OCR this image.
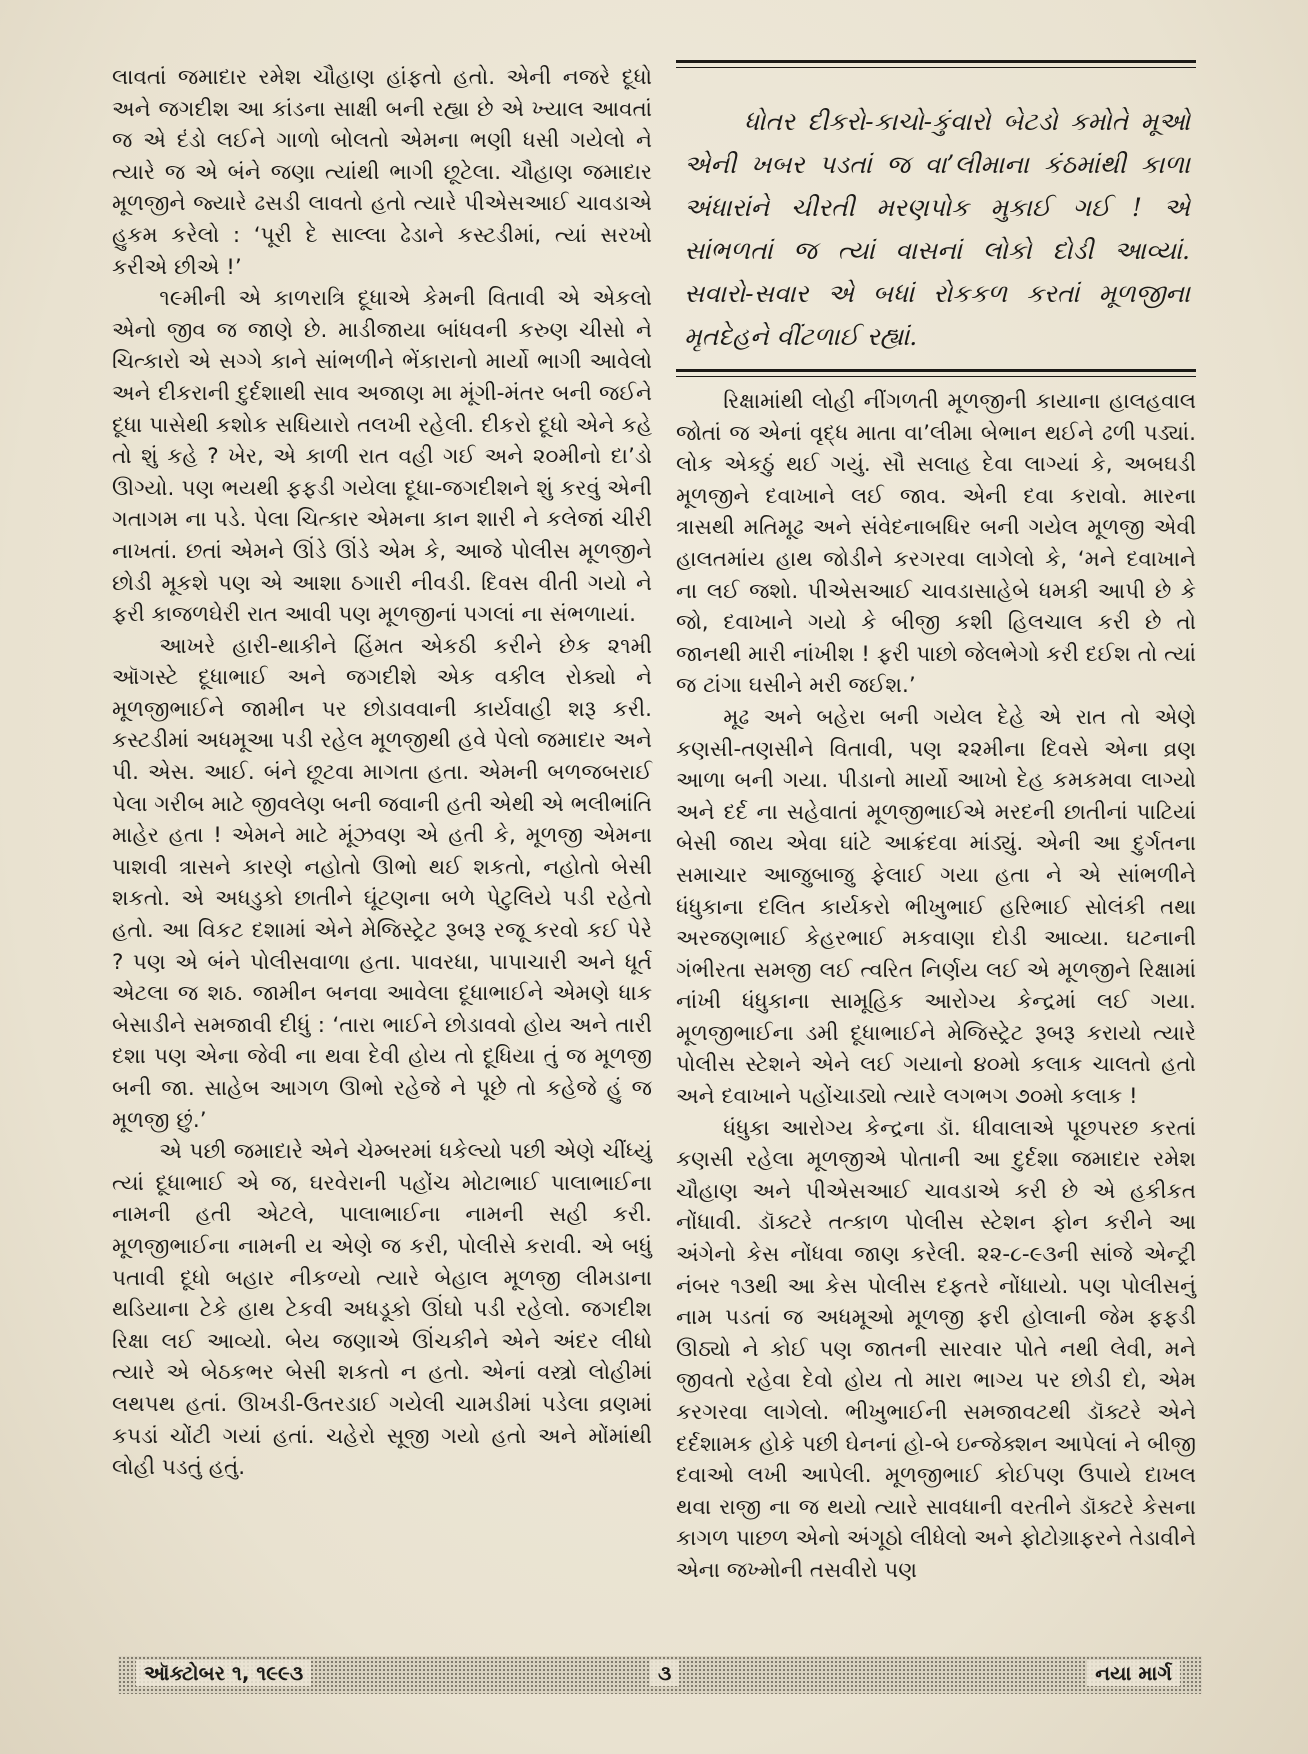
લાવતાં જમાદાર રમેશ ચૌહાણ હાંફતો હતો. એની નજરે દૂધો અને જગદીશ આ કાંડના સાક્ષી બની રહ્યા છે એ ખ્યાલ આવતાં જ એ દંડો લઈને ગાળો બોલતો એમના ભણી ધસી ગયેલો ને ત્યારે જ એ બંને જણા ત્યાંથી ભાગી છૂટેલા. ચૌહાણ જમાદાર મૂળજીને જ્યારે ઢસડી લાવતો હતો ત્યારે પીએસઆઈ ચાવડાએ હુકમ કરેલો : ‘પૂરી દે સાલ્લા ઢેડાને કસ્ટડીમાં, ત્યાં સરખો કરીએ છીએ !’

૧૯મીની એ કાળરાત્રિ દૂધાએ કેમની વિતાવી એ એકલો એનો જીવ જ જાણે છે. માડીજાયા બાંધવની કરુણ ચીસો ને ચિત્કારો એ સગ્ગે કાને સાંભળીને ભેંકારાનો માર્યો ભાગી આવેલો અને દીકરાની દુર્દશાથી સાવ અજાણ મા મૂંગી-મંતર બની જઈને દૂધા પાસેથી કશોક સધિયારો તલખી રહેલી. દીકરો દૂધો એને કહે તો શું કહે ? ખેર, એ કાળી રાત વહી ગઈ અને ૨૦મીનો દા’ડો ઊગ્યો. પણ ભયથી ફફડી ગયેલા દૂધા-જગદીશને શું કરવું એની ગતાગમ ના પડે. પેલા ચિત્કાર એમના કાન શારી ને કલેજાં ચીરી નાખતાં. છતાં એમને ઊંડે ઊંડે એમ કે, આજે પોલીસ મૂળજીને છોડી મૂકશે પણ એ આશા ઠગારી નીવડી. દિવસ વીતી ગયો ને ફરી કાજળઘેરી રાત આવી પણ મૂળજીનાં પગલાં ના સંભળાયાં.

આખરે હારી-થાકીને હિંમત એકઠી કરીને છેક ૨૧મી ઑગસ્ટે દૂધાભાઈ અને જગદીશે એક વકીલ રોક્યો ને મૂળજીભાઈને જામીન પર છોડાવવાની કાર્યવાહી શરૂ કરી. કસ્ટડીમાં અધમૂઆ પડી રહેલ મૂળજીથી હવે પેલો જમાદાર અને પી. એસ. આઈ. બંને છૂટવા માગતા હતા. એમની બળજબરાઈ પેલા ગરીબ માટે જીવલેણ બની જવાની હતી એથી એ ભલીભાંતિ માહેર હતા ! એમને માટે મૂંઝવણ એ હતી કે, મૂળજી એમના પાશવી ત્રાસને કારણે નહોતો ઊભો થઈ શકતો, નહોતો બેસી શકતો. એ અધડુકો છાતીને ઘૂંટણના બળે પેટુલિયે પડી રહેતો હતો. આ વિકટ દશામાં એને મેજિસ્ટ્રેટ રૂબરૂ રજૂ કરવો કઈ પેરે ? પણ એ બંને પોલીસવાળા હતા. પાવરધા, પાપાચારી અને ધૂર્ત એટલા જ શઠ. જામીન બનવા આવેલા દૂધાભાઈને એમણે ધાક બેસાડીને સમજાવી દીધું : ‘તારા ભાઈને છોડાવવો હોય અને તારી દશા પણ એના જેવી ના થવા દેવી હોય તો દૂધિયા તું જ મૂળજી બની જા. સાહેબ આગળ ઊભો રહેજે ને પૂછે તો કહેજે હું જ મૂળજી છું.’

એ પછી જમાદારે એને ચેમ્બરમાં ધકેલ્યો પછી એણે ચીંધ્યું ત્યાં દૂધાભાઈ એ જ, ઘરવેરાની પહોંચ મોટાભાઈ પાલાભાઈના નામની હતી એટલે, પાલાભાઈના નામની સહી કરી. મૂળજીભાઈના નામની ય એણે જ કરી, પોલીસે કરાવી. એ બધું પતાવી દૂધો બહાર નીકળ્યો ત્યારે બેહાલ મૂળજી લીમડાના થડિયાના ટેકે હાથ ટેકવી અધડૂકો ઊંઘો પડી રહેલો. જગદીશ રિક્ષા લઈ આવ્યો. બેય જણાએ ઊંચકીને એને અંદર લીધો ત્યારે એ બેઠકભર બેસી શકતો ન હતો. એનાં વસ્ત્રો લોહીમાં લથપથ હતાં. ઊખડી-ઉતરડાઈ ગયેલી ચામડીમાં પડેલા વ્રણમાં કપડાં ચોંટી ગયાં હતાં. ચહેરો સૂજી ગયો હતો અને મોંમાંથી લોહી પડતું હતું.

ધોતર દીકરો-કાચો-કુંવારો બેટડો કમોતે મૂઓ એની ખબર પડતાં જ વા’લીમાના કંઠમાંથી કાળા અંધારાંને ચીરતી મરણપોક મુકાઈ ગઈ ! એ સાંભળતાં જ ત્યાં વાસનાં લોકો દોડી આવ્યાં. સવારો-સવાર એ બધાં રોકકળ કરતાં મૂળજીના મૃતદેહને વીંટળાઈ રહ્યાં.

રિક્ષામાંથી લોહી નીંગળતી મૂળજીની કાયાના હાલહવાલ જોતાં જ એનાં વૃદ્ધ માતા વા’લીમા બેભાન થઈને ઢળી પડ્યાં. લોક એકઠું થઈ ગયું. સૌ સલાહ દેવા લાગ્યાં કે, અબઘડી મૂળજીને દવાખાને લઈ જાવ. એની દવા કરાવો. મારના ત્રાસથી મતિમૂઢ અને સંવેદનાબધિર બની ગયેલ મૂળજી એવી હાલતમાંય હાથ જોડીને કરગરવા લાગેલો કે, ‘મને દવાખાને ના લઈ જશો. પીએસઆઈ ચાવડાસાહેબે ધમકી આપી છે કે જો, દવાખાને ગયો કે બીજી કશી હિલચાલ કરી છે તો જાનથી મારી નાંખીશ ! ફરી પાછો જેલભેગો કરી દઈશ તો ત્યાં જ ટાંગા ઘસીને મરી જઈશ.’

મૂઢ અને બહેરા બની ગયેલ દેહે એ રાત તો એણે કણસી-તણસીને વિતાવી, પણ ૨૨મીના દિવસે એના વ્રણ આળા બની ગયા. પીડાનો માર્યો આખો દેહ કમકમવા લાગ્યો અને દર્દ ના સહેવાતાં મૂળજીભાઈએ મરદની છાતીનાં પાટિયાં બેસી જાય એવા ઘાંટે આક્રંદવા માંડ્યું. એની આ દુર્ગતના સમાચાર આજુબાજુ ફેલાઈ ગયા હતા ને એ સાંભળીને ધંધુકાના દલિત કાર્યકરો ભીખુભાઈ હરિભાઈ સોલંકી તથા અરજણભાઈ કેહરભાઈ મકવાણા દોડી આવ્યા. ઘટનાની ગંભીરતા સમજી લઈ ત્વરિત નિર્ણય લઈ એ મૂળજીને રિક્ષામાં નાંખી ધંધુકાના સામૂહિક આરોગ્ય કેન્દ્રમાં લઈ ગયા. મૂળજીભાઈના ડમી દૂધાભાઈને મેજિસ્ટ્રેટ રૂબરૂ કરાયો ત્યારે પોલીસ સ્ટેશને એને લઈ ગયાનો ૪૦મો કલાક ચાલતો હતો અને દવાખાને પહોંચાડ્યો ત્યારે લગભગ ૭૦મો કલાક !

ધંધુકા આરોગ્ય કેન્દ્રના ડૉ. ધીવાલાએ પૂછપરછ કરતાં કણસી રહેલા મૂળજીએ પોતાની આ દુર્દશા જમાદાર રમેશ ચૌહાણ અને પીએસઆઈ ચાવડાએ કરી છે એ હકીકત નોંધાવી. ડૉક્ટરે તત્કાળ પોલીસ સ્ટેશન ફોન કરીને આ અંગેનો કેસ નોંધવા જાણ કરેલી. ૨૨-૮-૯૩ની સાંજે એન્ટ્રી નંબર ૧૩થી આ કેસ પોલીસ દફતરે નોંધાયો. પણ પોલીસનું નામ પડતાં જ અધમૂઓ મૂળજી ફરી હોલાની જેમ ફફડી ઊઠ્યો ને કોઈ પણ જાતની સારવાર પોતે નથી લેવી, મને જીવતો રહેવા દેવો હોય તો મારા ભાગ્ય પર છોડી દો, એમ કરગરવા લાગેલો. ભીખુભાઈની સમજાવટથી ડૉક્ટરે એને દર્દશામક હોકે પછી ઘેનનાં હો-બે ઇન્જેક્શન આપેલાં ને બીજી દવાઓ લખી આપેલી. મૂળજીભાઈ કોઈપણ ઉપાયે દાખલ થવા રાજી ના જ થયો ત્યારે સાવધાની વરતીને ડૉક્ટરે કેસના કાગળ પાછળ એનો અંગૂઠો લીધેલો અને ફોટોગ્રાફરને તેડાવીને એના જખ્મોની તસવીરો પણ

ઑક્ટોબર ૧, ૧૯૯૩	૩	નયા માર્ગ
